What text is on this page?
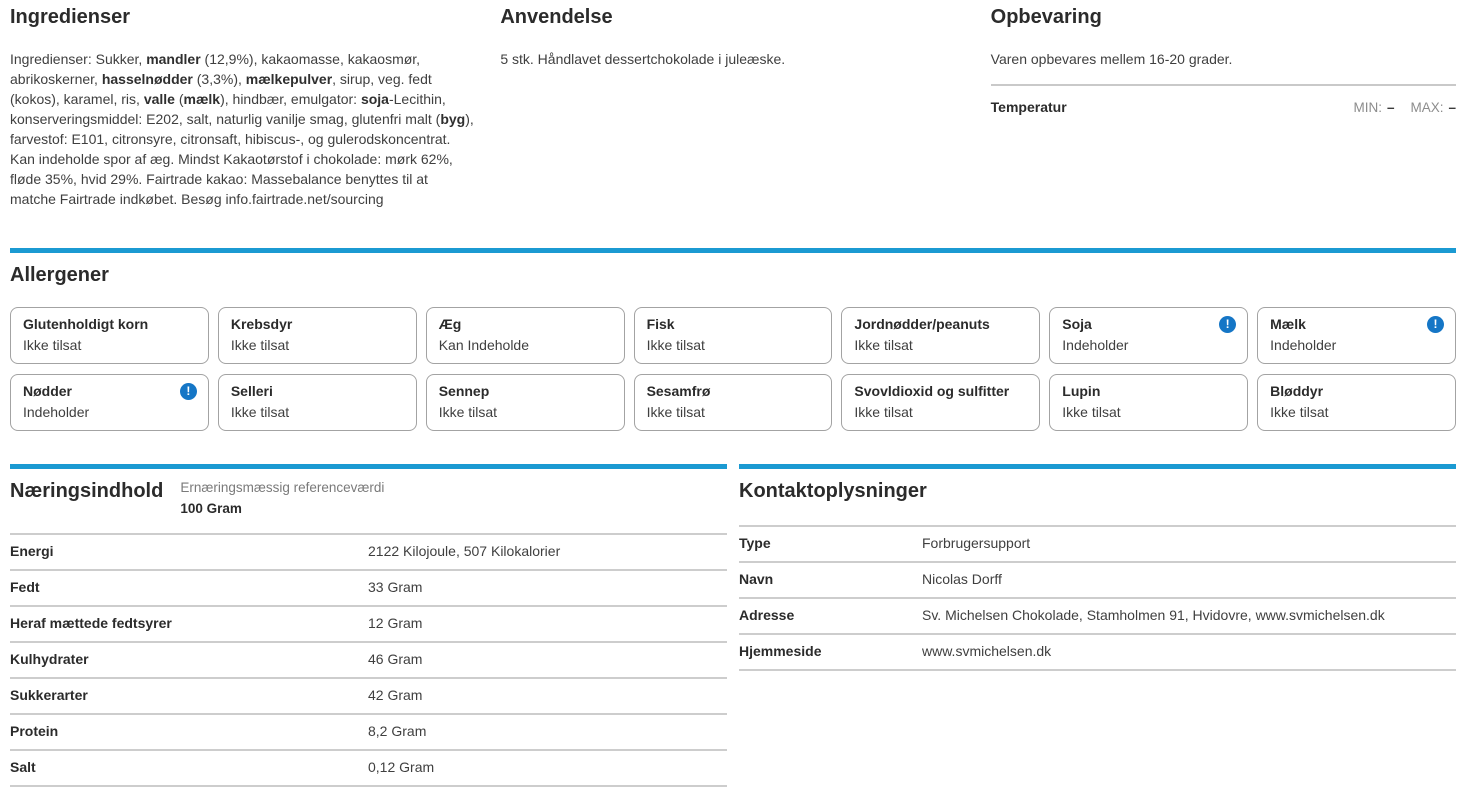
Ingredienser

Ingredienser: Sukker, mandler (12,9%), kakaomasse, kakaosmør, abrikoskerner, hasselnødder (3,3%), mælkepulver, sirup, veg. fedt (kokos), karamel, ris, valle (mælk), hindbær, emulgator: soja-Lecithin, konserveringsmiddel: E202, salt, naturlig vanilje smag, glutenfri malt (byg), farvestof: E101, citronsyre, citronsaft, hibiscus-, og gulerodskoncentrat. Kan indeholde spor af æg. Mindst Kakaotørstof i chokolade: mørk 62%, fløde 35%, hvid 29%. Fairtrade kakao: Massebalance benyttes til at matche Fairtrade indkøbet. Besøg info.fairtrade.net/sourcing

Anvendelse

5 stk. Håndlavet dessertchokolade i juleæske.

Opbevaring

Varen opbevares mellem 16-20 grader.

Temperatur	MIN: – MAX: –
Allergener
Glutenholdigt korn
Ikke tilsat
Krebsdyr
Ikke tilsat
Æg
Kan Indeholde
Fisk
Ikke tilsat
Jordnødder/peanuts
Ikke tilsat
Soja	!
Indeholder
Mælk	!
Indeholder
Nødder	!
Indeholder
Selleri
Ikke tilsat
Sennep
Ikke tilsat
Sesamfrø
Ikke tilsat
Svovldioxid og sulfitter
Ikke tilsat
Lupin
Ikke tilsat
Bløddyr
Ikke tilsat
Næringsindhold Ernæringsmæssig referenceværdi
100 Gram
Energi	2122 Kilojoule, 507 Kilokalorier
Fedt	33 Gram
Heraf mættede fedtsyrer	12 Gram
Kulhydrater	46 Gram
Sukkerarter	42 Gram
Protein	8,2 Gram
Salt	0,12 Gram
Kontaktoplysninger
Type	Forbrugersupport
Navn	Nicolas Dorff
Adresse	Sv. Michelsen Chokolade, Stamholmen 91, Hvidovre, www.svmichelsen.dk
Hjemmeside	www.svmichelsen.dk
